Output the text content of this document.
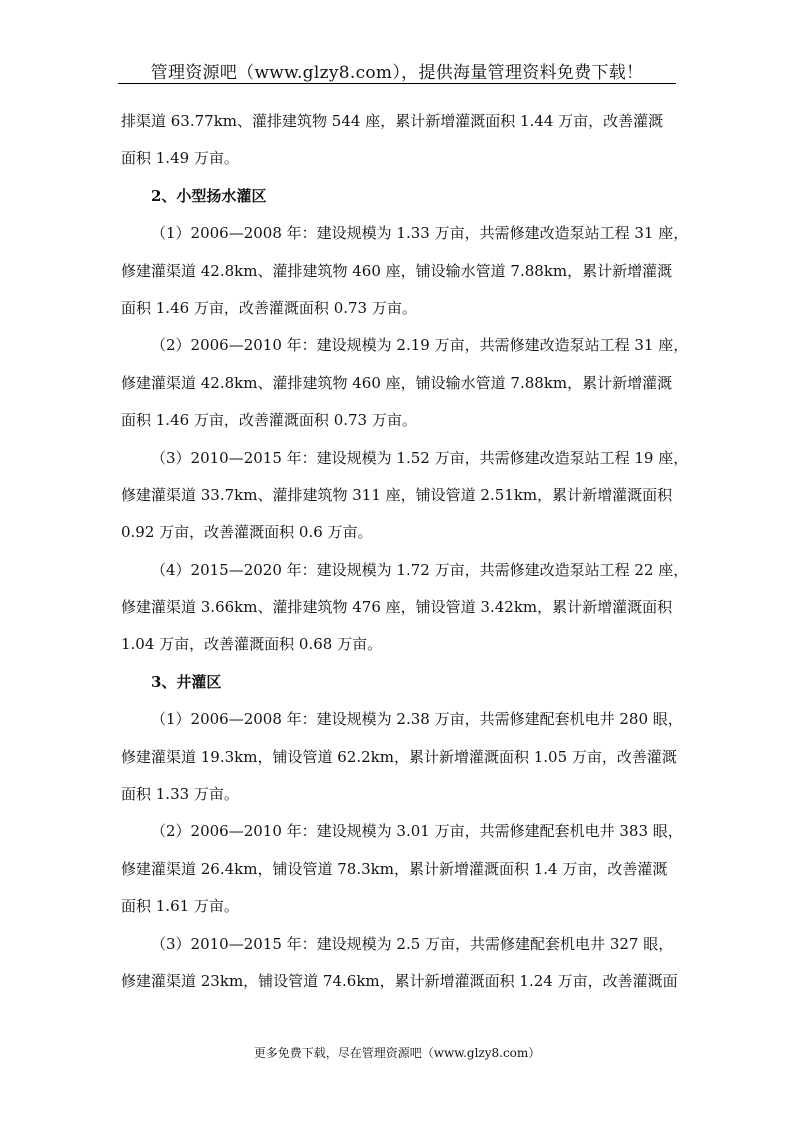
管理资源吧（www.glzy8.com），提供海量管理资料免费下载！
排渠道 63.77km、灌排建筑物 544 座，累计新增灌溉面积 1.44 万亩，改善灌溉
面积 1.49 万亩。
2、小型扬水灌区
（1）2006—2008 年：建设规模为 1.33 万亩，共需修建改造泵站工程 31 座，
修建灌渠道 42.8km、灌排建筑物 460 座，铺设输水管道 7.88km，累计新增灌溉
面积 1.46 万亩，改善灌溉面积 0.73 万亩。
（2）2006—2010 年：建设规模为 2.19 万亩，共需修建改造泵站工程 31 座，
修建灌渠道 42.8km、灌排建筑物 460 座，铺设输水管道 7.88km，累计新增灌溉
面积 1.46 万亩，改善灌溉面积 0.73 万亩。
（3）2010—2015 年：建设规模为 1.52 万亩，共需修建改造泵站工程 19 座，
修建灌渠道 33.7km、灌排建筑物 311 座，铺设管道 2.51km，累计新增灌溉面积
0.92 万亩，改善灌溉面积 0.6 万亩。
（4）2015—2020 年：建设规模为 1.72 万亩，共需修建改造泵站工程 22 座，
修建灌渠道 3.66km、灌排建筑物 476 座，铺设管道 3.42km，累计新增灌溉面积
1.04 万亩，改善灌溉面积 0.68 万亩。
3、井灌区
（1）2006—2008 年：建设规模为 2.38 万亩，共需修建配套机电井 280 眼，
修建灌渠道 19.3km，铺设管道 62.2km，累计新增灌溉面积 1.05 万亩，改善灌溉
面积 1.33 万亩。
（2）2006—2010 年：建设规模为 3.01 万亩，共需修建配套机电井 383 眼，
修建灌渠道 26.4km，铺设管道 78.3km，累计新增灌溉面积 1.4 万亩，改善灌溉
面积 1.61 万亩。
（3）2010—2015 年：建设规模为 2.5 万亩，共需修建配套机电井 327 眼，
修建灌渠道 23km，铺设管道 74.6km，累计新增灌溉面积 1.24 万亩，改善灌溉面
更多免费下载，尽在管理资源吧（www.glzy8.com）
